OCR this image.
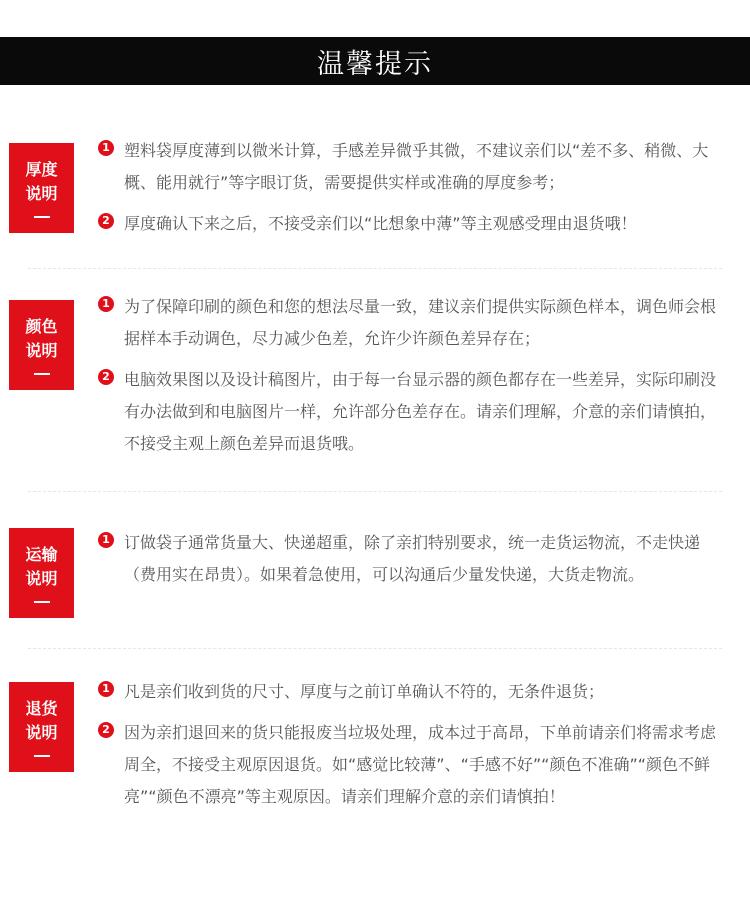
温馨提示
厚度
说明
1 塑料袋厚度薄到以微米计算，手感差异微乎其微，不建议亲们以“差不多、稍微、大概、能用就行”等字眼订货，需要提供实样或准确的厚度参考；
2 厚度确认下来之后，不接受亲们以“比想象中薄”等主观感受理由退货哦！
颜色
说明
1 为了保障印刷的颜色和您的想法尽量一致，建议亲们提供实际颜色样本，调色师会根据样本手动调色，尽力减少色差，允许少许颜色差异存在；
2 电脑效果图以及设计稿图片，由于每一台显示器的颜色都存在一些差异，实际印刷没有办法做到和电脑图片一样，允许部分色差存在。请亲们理解，介意的亲们请慎拍，不接受主观上颜色差异而退货哦。
运输
说明
1 订做袋子通常货量大、快递超重，除了亲扪特别要求，统一走货运物流，不走快递（费用实在昂贵）。如果着急使用，可以沟通后少量发快递，大货走物流。
退货
说明
1 凡是亲们收到货的尺寸、厚度与之前订单确认不符的，无条件退货；
2 因为亲扪退回来的货只能报废当垃圾处理，成本过于高昂，下单前请亲们将需求考虑周全，不接受主观原因退货。如“感觉比较薄”、“手感不好”“颜色不准确”“颜色不鲜亮”“颜色不漂亮”等主观原因。请亲们理解介意的亲们请慎拍！
